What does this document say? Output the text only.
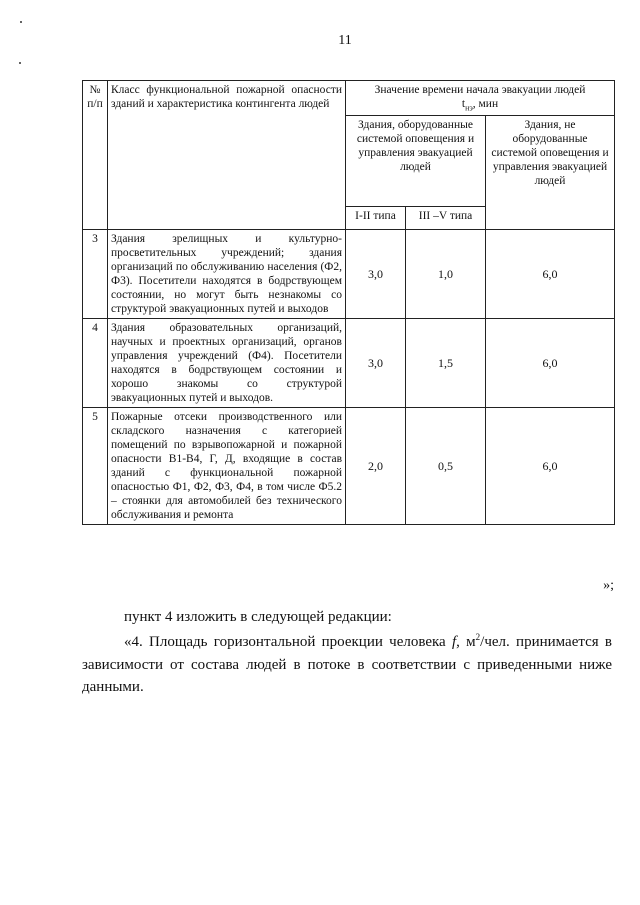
11
№ п/п	Класс функциональной пожарной опасности зданий и характеристика контингента людей	Значение времени начала эвакуации людей
$t_{нэ}$, мин		
		Здания, оборудованные системой оповещения и управления эвакуацией людей		Здания, не оборудованные системой оповещения и управления эвакуацией людей
		I-II типа	III –V типа	
3	Здания зрелищных и культурно-просветительных учреждений; здания организаций по обслуживанию населения (Ф2, Ф3). Посетители находятся в бодрствующем состоянии, но могут быть незнакомы со структурой эвакуационных путей и выходов	3,0	1,0	6,0
4	Здания образовательных организаций, научных и проектных организаций, органов управления учреждений (Ф4). Посетители находятся в бодрствующем состоянии и хорошо знакомы со структурой эвакуационных путей и выходов.	3,0	1,5	6,0
5	Пожарные отсеки производственного или складского назначения с категорией помещений по взрывопожарной и пожарной опасности В1-В4, Г, Д, входящие в состав зданий с функциональной пожарной опасностью Ф1, Ф2, Ф3, Ф4, в том числе Ф5.2 – стоянки для автомобилей без технического обслуживания и ремонта	2,0	0,5	6,0
»;
пункт 4 изложить в следующей редакции:
«4. Площадь горизонтальной проекции человека f, $м^2$/чел. принимается в зависимости от состава людей в потоке в соответствии с приведенными ниже данными.
